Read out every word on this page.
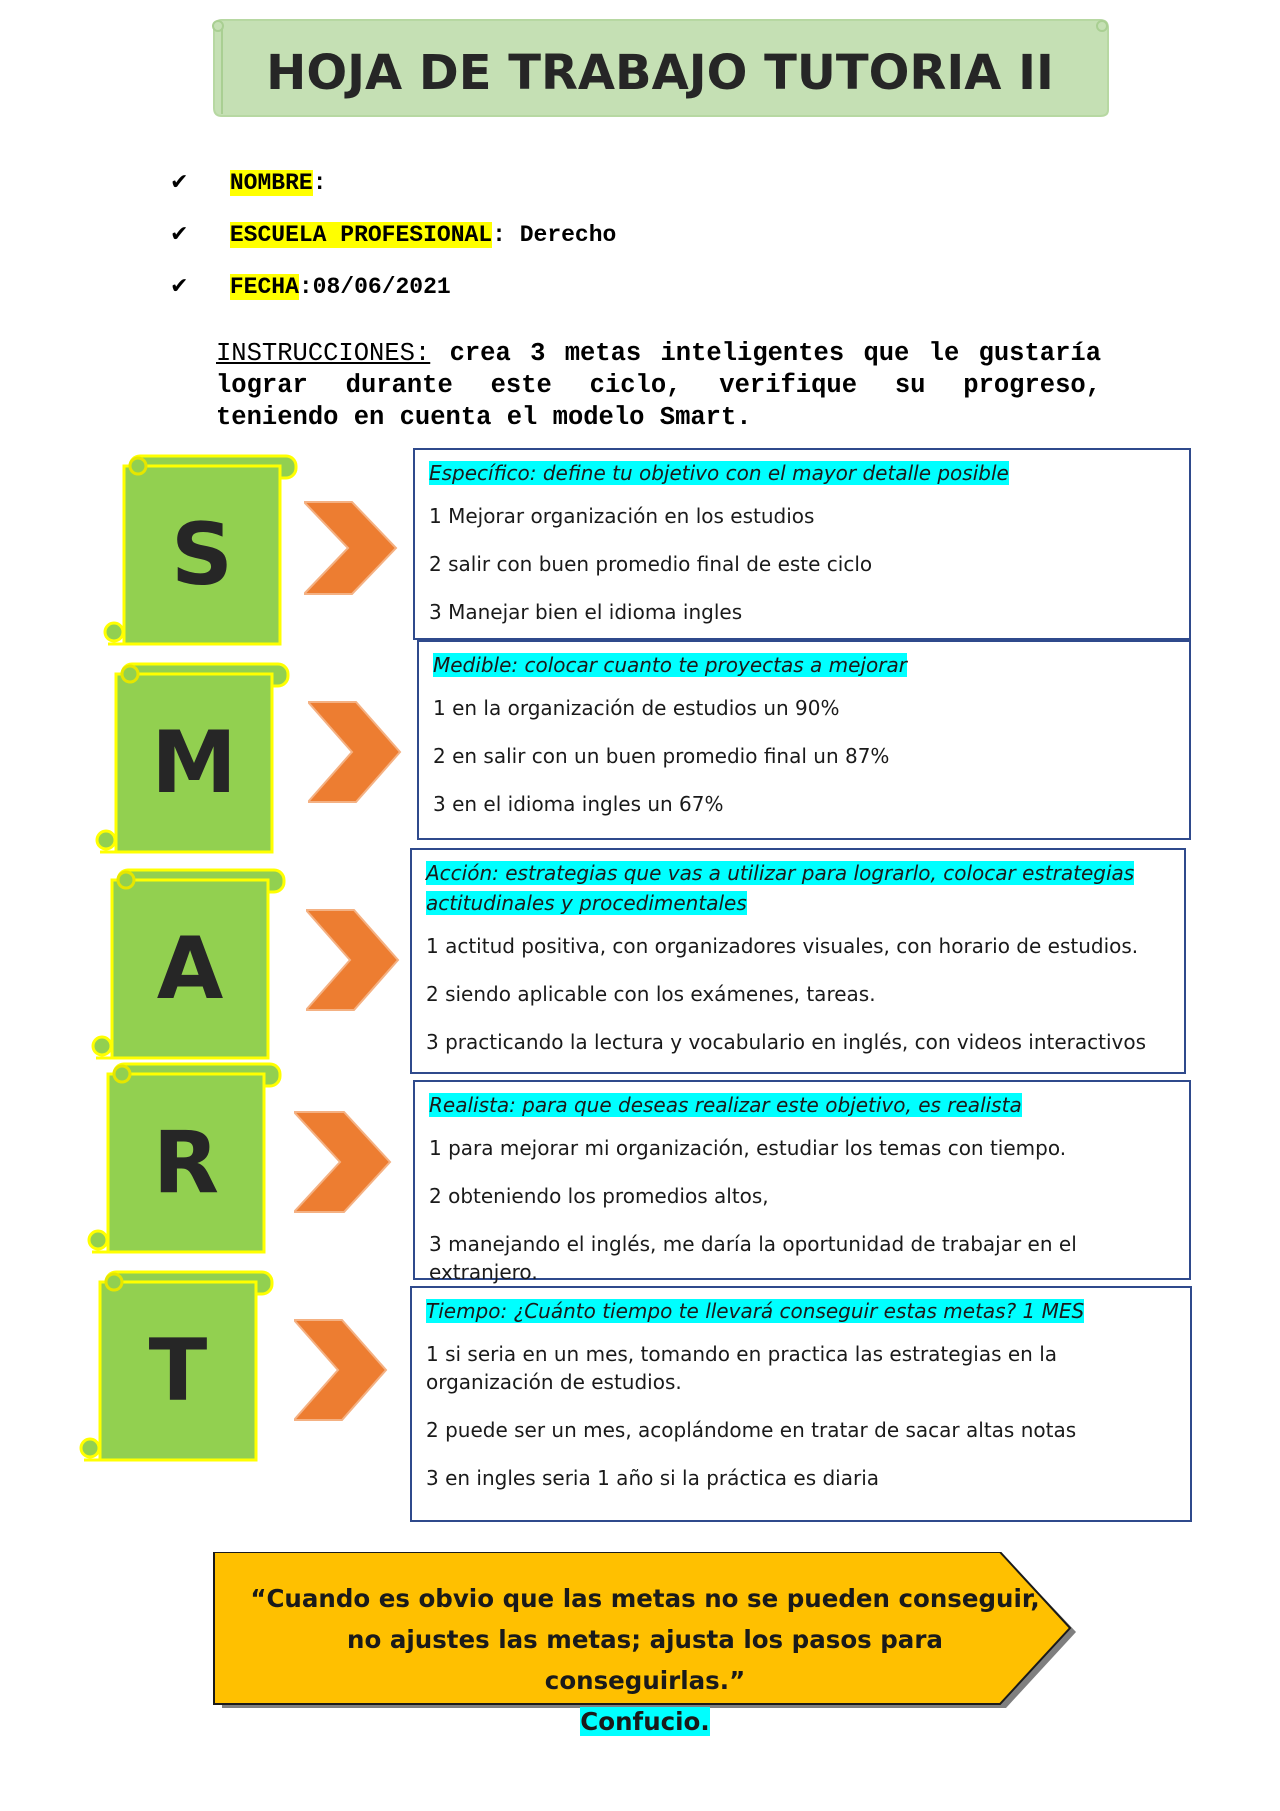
HOJA DE TRABAJO TUTORIA II
✔ NOMBRE:
✔ ESCUELA PROFESIONAL: Derecho
✔ FECHA:08/06/2021
INSTRUCCIONES: crea 3 metas inteligentes que le gustaría lograr durante este ciclo, verifique su progreso, teniendo en cuenta el modelo Smart.
S
Específico: define tu objetivo con el mayor detalle posible
1 Mejorar organización en los estudios
2 salir con buen promedio final de este ciclo
3 Manejar bien el idioma ingles
M
Medible: colocar cuanto te proyectas a mejorar
1 en la organización de estudios un 90%
2 en salir con un buen promedio final un 87%
3 en el idioma ingles un 67%
A
Acción: estrategias que vas a utilizar para lograrlo, colocar estrategias actitudinales y procedimentales
1 actitud positiva, con organizadores visuales, con horario de estudios.
2 siendo aplicable con los exámenes, tareas.
3 practicando la lectura y vocabulario en inglés, con videos interactivos
R
Realista: para que deseas realizar este objetivo, es realista
1 para mejorar mi organización, estudiar los temas con tiempo.
2 obteniendo los promedios altos,
3 manejando el inglés, me daría la oportunidad de trabajar en el extranjero.
T
Tiempo: ¿Cuánto tiempo te llevará conseguir estas metas? 1 MES
1 si seria en un mes, tomando en practica las estrategias en la organización de estudios.
2 puede ser un mes, acoplándome en tratar de sacar altas notas
3 en ingles seria 1 año si la práctica es diaria
“Cuando es obvio que las metas no se pueden conseguir, no ajustes las metas; ajusta los pasos para conseguirlas.”
Confucio.
